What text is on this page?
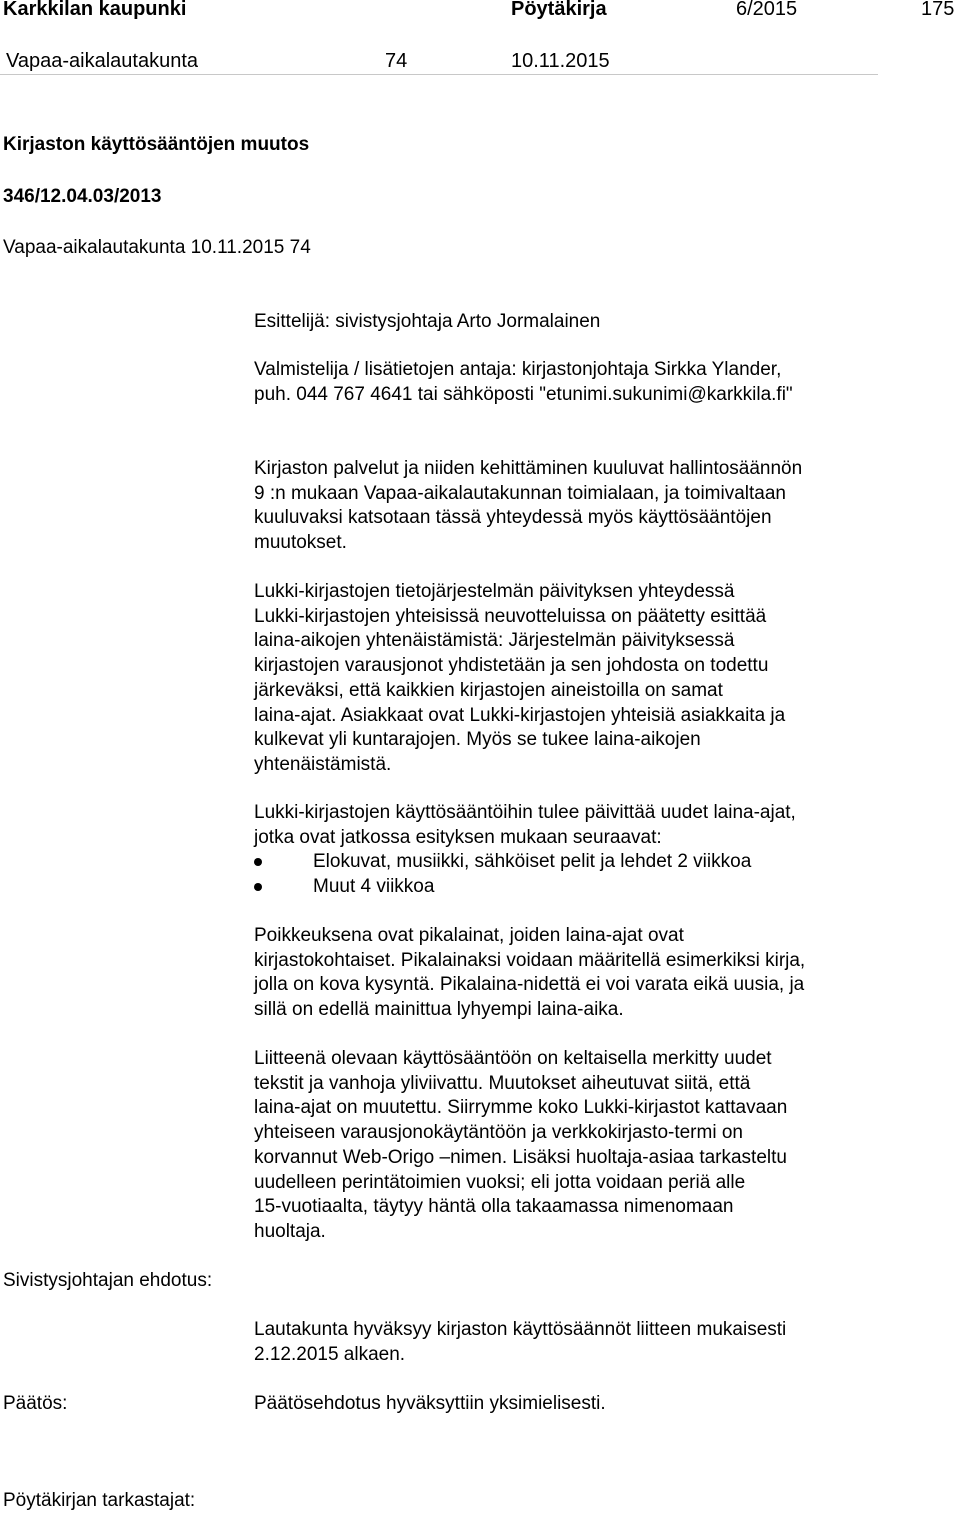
Karkkilan kaupunki	Pöytäkirja	6/2015	175
Vapaa-aikalautakunta	74	10.11.2015
Kirjaston käyttösääntöjen muutos
346/12.04.03/2013
Vapaa-aikalautakunta 10.11.2015 74
Esittelijä: sivistysjohtaja Arto Jormalainen
Valmistelija / lisätietojen antaja: kirjastonjohtaja Sirkka Ylander,
puh. 044 767 4641 tai sähköposti "etunimi.sukunimi@karkkila.fi"
Kirjaston palvelut ja niiden kehittäminen kuuluvat hallintosäännön
9 :n mukaan Vapaa-aikalautakunnan toimialaan, ja toimivaltaan
kuuluvaksi katsotaan tässä yhteydessä myös käyttösääntöjen
muutokset.
Lukki-kirjastojen tietojärjestelmän päivityksen yhteydessä
Lukki-kirjastojen yhteisissä neuvotteluissa on päätetty esittää
laina-aikojen yhtenäistämistä: Järjestelmän päivityksessä
kirjastojen varausjonot yhdistetään ja sen johdosta on todettu
järkeväksi, että kaikkien kirjastojen aineistoilla on samat
laina-ajat. Asiakkaat ovat Lukki-kirjastojen yhteisiä asiakkaita ja
kulkevat yli kuntarajojen. Myös se tukee laina-aikojen
yhtenäistämistä.
Lukki-kirjastojen käyttösääntöihin tulee päivittää uudet laina-ajat,
jotka ovat jatkossa esityksen mukaan seuraavat:
Elokuvat, musiikki, sähköiset pelit ja lehdet 2 viikkoa
Muut 4 viikkoa
Poikkeuksena ovat pikalainat, joiden laina-ajat ovat
kirjastokohtaiset. Pikalainaksi voidaan määritellä esimerkiksi kirja,
jolla on kova kysyntä. Pikalaina-nidettä ei voi varata eikä uusia, ja
sillä on edellä mainittua lyhyempi laina-aika.
Liitteenä olevaan käyttösääntöön on keltaisella merkitty uudet
tekstit ja vanhoja yliviivattu. Muutokset aiheutuvat siitä, että
laina-ajat on muutettu. Siirrymme koko Lukki-kirjastot kattavaan
yhteiseen varausjonokäytäntöön ja verkkokirjasto-termi on
korvannut Web-Origo –nimen. Lisäksi huoltaja-asiaa tarkasteltu
uudelleen perintätoimien vuoksi; eli jotta voidaan periä alle
15-vuotiaalta, täytyy häntä olla takaamassa nimenomaan
huoltaja.
Sivistysjohtajan ehdotus:
Lautakunta hyväksyy kirjaston käyttösäännöt liitteen mukaisesti
2.12.2015 alkaen.
Päätös:	Päätösehdotus hyväksyttiin yksimielisesti.
Pöytäkirjan tarkastajat:
